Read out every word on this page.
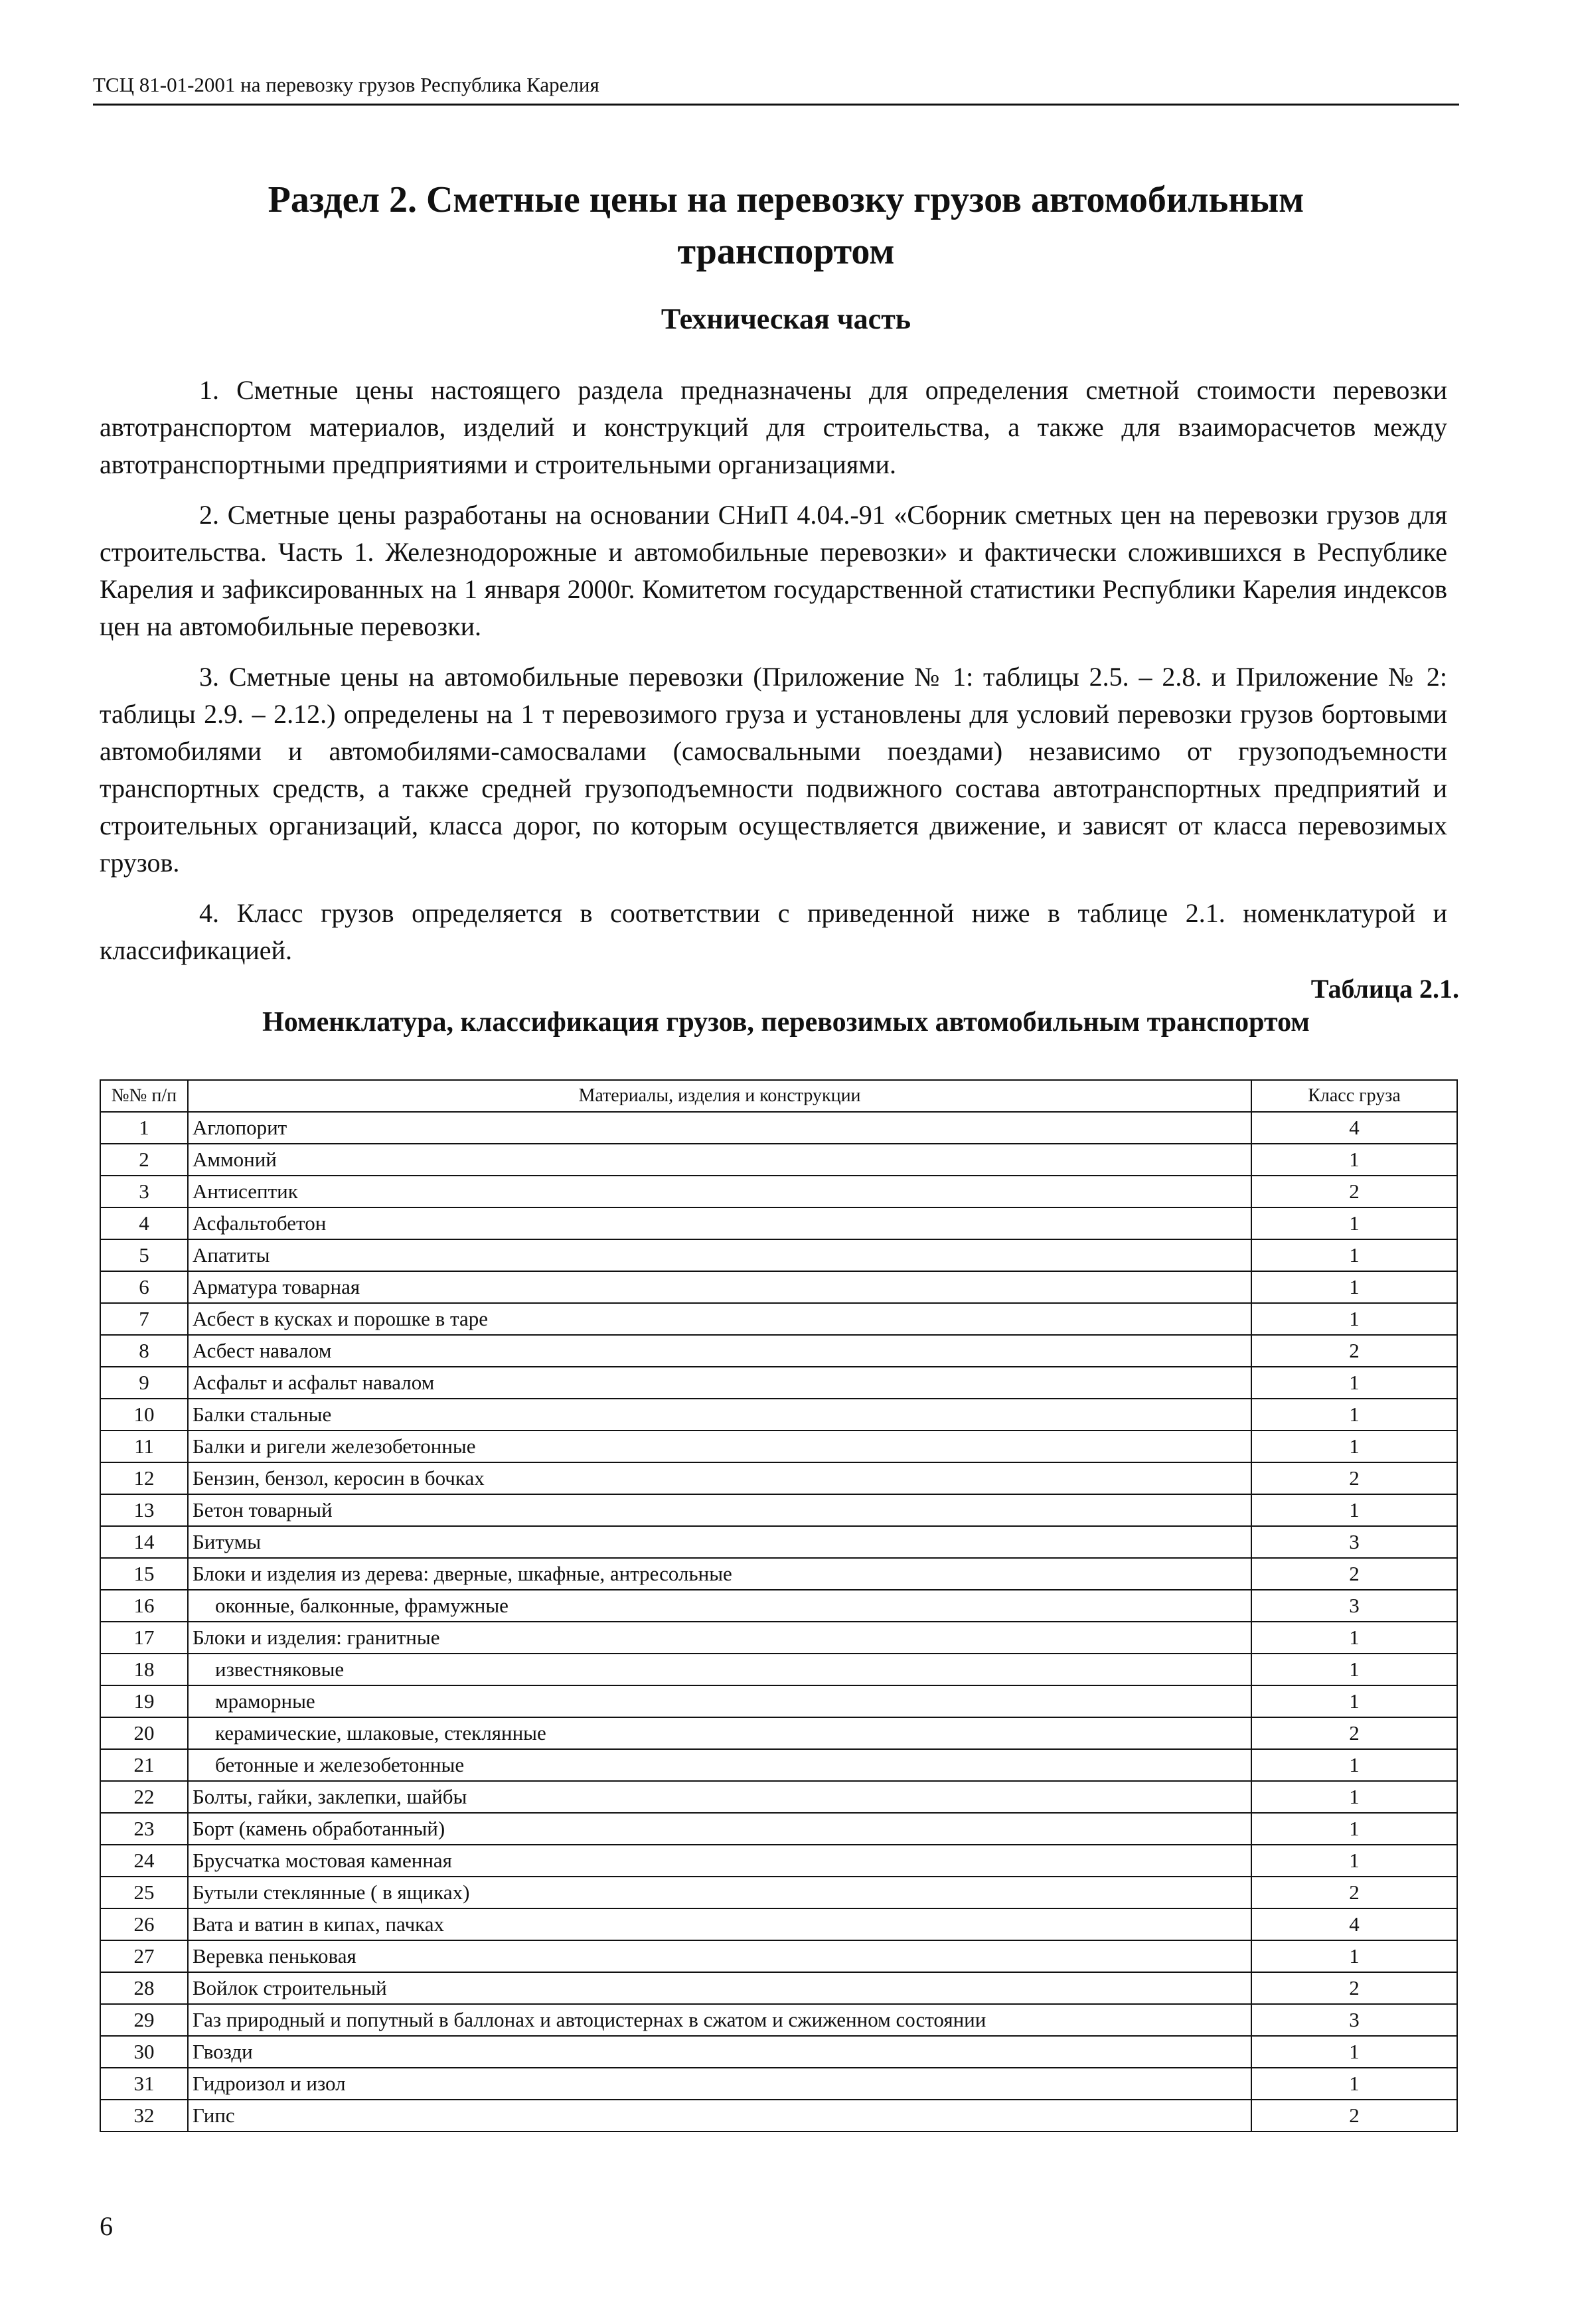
ТСЦ 81-01-2001 на перевозку грузов Республика Карелия
Раздел 2. Сметные цены на перевозку грузов автомобильным
транспортом
Техническая часть

1. Сметные цены настоящего раздела предназначены для определения сметной стоимости перевозки автотранспортом материалов, изделий и конструкций для строительства, а также для взаиморасчетов между автотранспортными предприятиями и строительными организациями.

2. Сметные цены разработаны на основании СНиП 4.04.-91 «Сборник сметных цен на перевозки грузов для строительства. Часть 1. Железнодорожные и автомобильные перевозки» и фактически сложившихся в Республике Карелия и зафиксированных на 1 января 2000г. Комитетом государственной статистики Республики Карелия индексов цен на автомобильные перевозки.

3. Сметные цены на автомобильные перевозки (Приложение № 1: таблицы 2.5. – 2.8. и Приложение № 2: таблицы 2.9. – 2.12.) определены на 1 т перевозимого груза и установлены для условий перевозки грузов бортовыми автомобилями и автомобилями-самосвалами (самосвальными поездами) независимо от грузоподъемности транспортных средств, а также средней грузоподъемности подвижного состава автотранспортных предприятий и строительных организаций, класса дорог, по которым осуществляется движение, и зависят от класса перевозимых грузов.

4. Класс грузов определяется в соответствии с приведенной ниже в таблице 2.1. номенклатурой и классификацией.

Таблица 2.1.
Номенклатура, классификация грузов, перевозимых автомобильным транспортом
№№ п/п	Материалы, изделия и конструкции	Класс груза
1	Аглопорит	4
2	Аммоний	1
3	Антисептик	2
4	Асфальтобетон	1
5	Апатиты	1
6	Арматура товарная	1
7	Асбест в кусках и порошке в таре	1
8	Асбест навалом	2
9	Асфальт и асфальт навалом	1
10	Балки стальные	1
11	Балки и ригели железобетонные	1
12	Бензин, бензол, керосин в бочках	2
13	Бетон товарный	1
14	Битумы	3
15	Блоки и изделия из дерева: дверные, шкафные, антресольные	2
16	оконные, балконные, фрамужные	3
17	Блоки и изделия: гранитные	1
18	известняковые	1
19	мраморные	1
20	керамические, шлаковые, стеклянные	2
21	бетонные и железобетонные	1
22	Болты, гайки, заклепки, шайбы	1
23	Борт (камень обработанный)	1
24	Брусчатка мостовая каменная	1
25	Бутыли стеклянные ( в ящиках)	2
26	Вата и ватин в кипах, пачках	4
27	Веревка пеньковая	1
28	Войлок строительный	2
29	Газ природный и попутный в баллонах и автоцистернах в сжатом и сжиженном состоянии	3
30	Гвозди	1
31	Гидроизол и изол	1
32	Гипс	2
6
